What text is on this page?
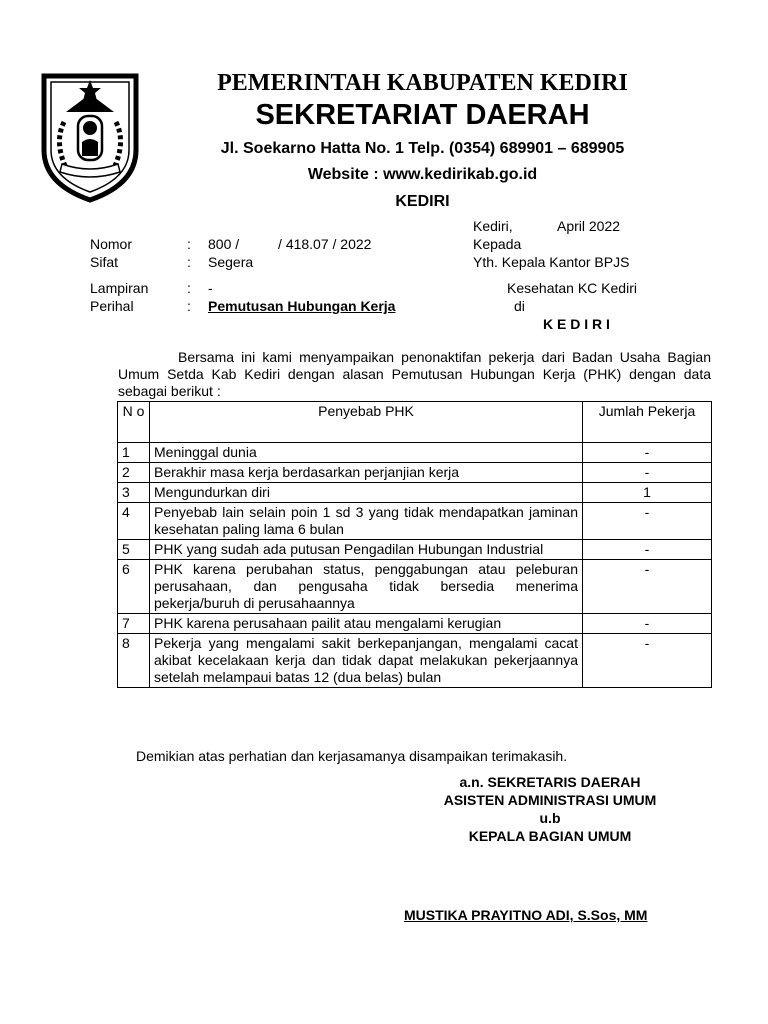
PEMERINTAH KABUPATEN KEDIRI
SEKRETARIAT DAERAH
Jl. Soekarno Hatta No. 1 Telp. (0354) 689901 – 689905
Website : www.kedirikab.go.id
KEDIRI
Nomor	: 800 /          / 418.07 / 2022
Sifat	: Segera
Lampiran	: -
Perihal	: Pemutusan Hubungan Kerja
Kediri,	April 2022
Kepada
Yth. Kepala Kantor BPJS
Kesehatan KC Kediri
di
K E D I R I
Bersama ini kami menyampaikan penonaktifan pekerja dari Badan Usaha Bagian Umum Setda Kab Kediri dengan alasan Pemutusan Hubungan Kerja (PHK) dengan data sebagai berikut :
N o	Penyebab PHK	Jumlah Pekerja
1	Meninggal dunia	-
2	Berakhir masa kerja berdasarkan perjanjian kerja	-
3	Mengundurkan diri	1
4	Penyebab lain selain poin 1 sd 3 yang tidak mendapatkan jaminan kesehatan paling lama 6 bulan	-
5	PHK yang sudah ada putusan Pengadilan Hubungan Industrial	-
6	PHK karena perubahan status, penggabungan atau peleburan perusahaan, dan pengusaha tidak bersedia menerima pekerja/buruh di perusahaannya	-
7	PHK karena perusahaan pailit atau mengalami kerugian	-
8	Pekerja yang mengalami sakit berkepanjangan, mengalami cacat akibat kecelakaan kerja dan tidak dapat melakukan pekerjaannya setelah melampaui batas 12 (dua belas) bulan	-
Demikian atas perhatian dan kerjasamanya disampaikan terimakasih.
a.n. SEKRETARIS DAERAH
ASISTEN ADMINISTRASI UMUM
u.b
KEPALA BAGIAN UMUM
MUSTIKA PRAYITNO ADI, S.Sos, MM
